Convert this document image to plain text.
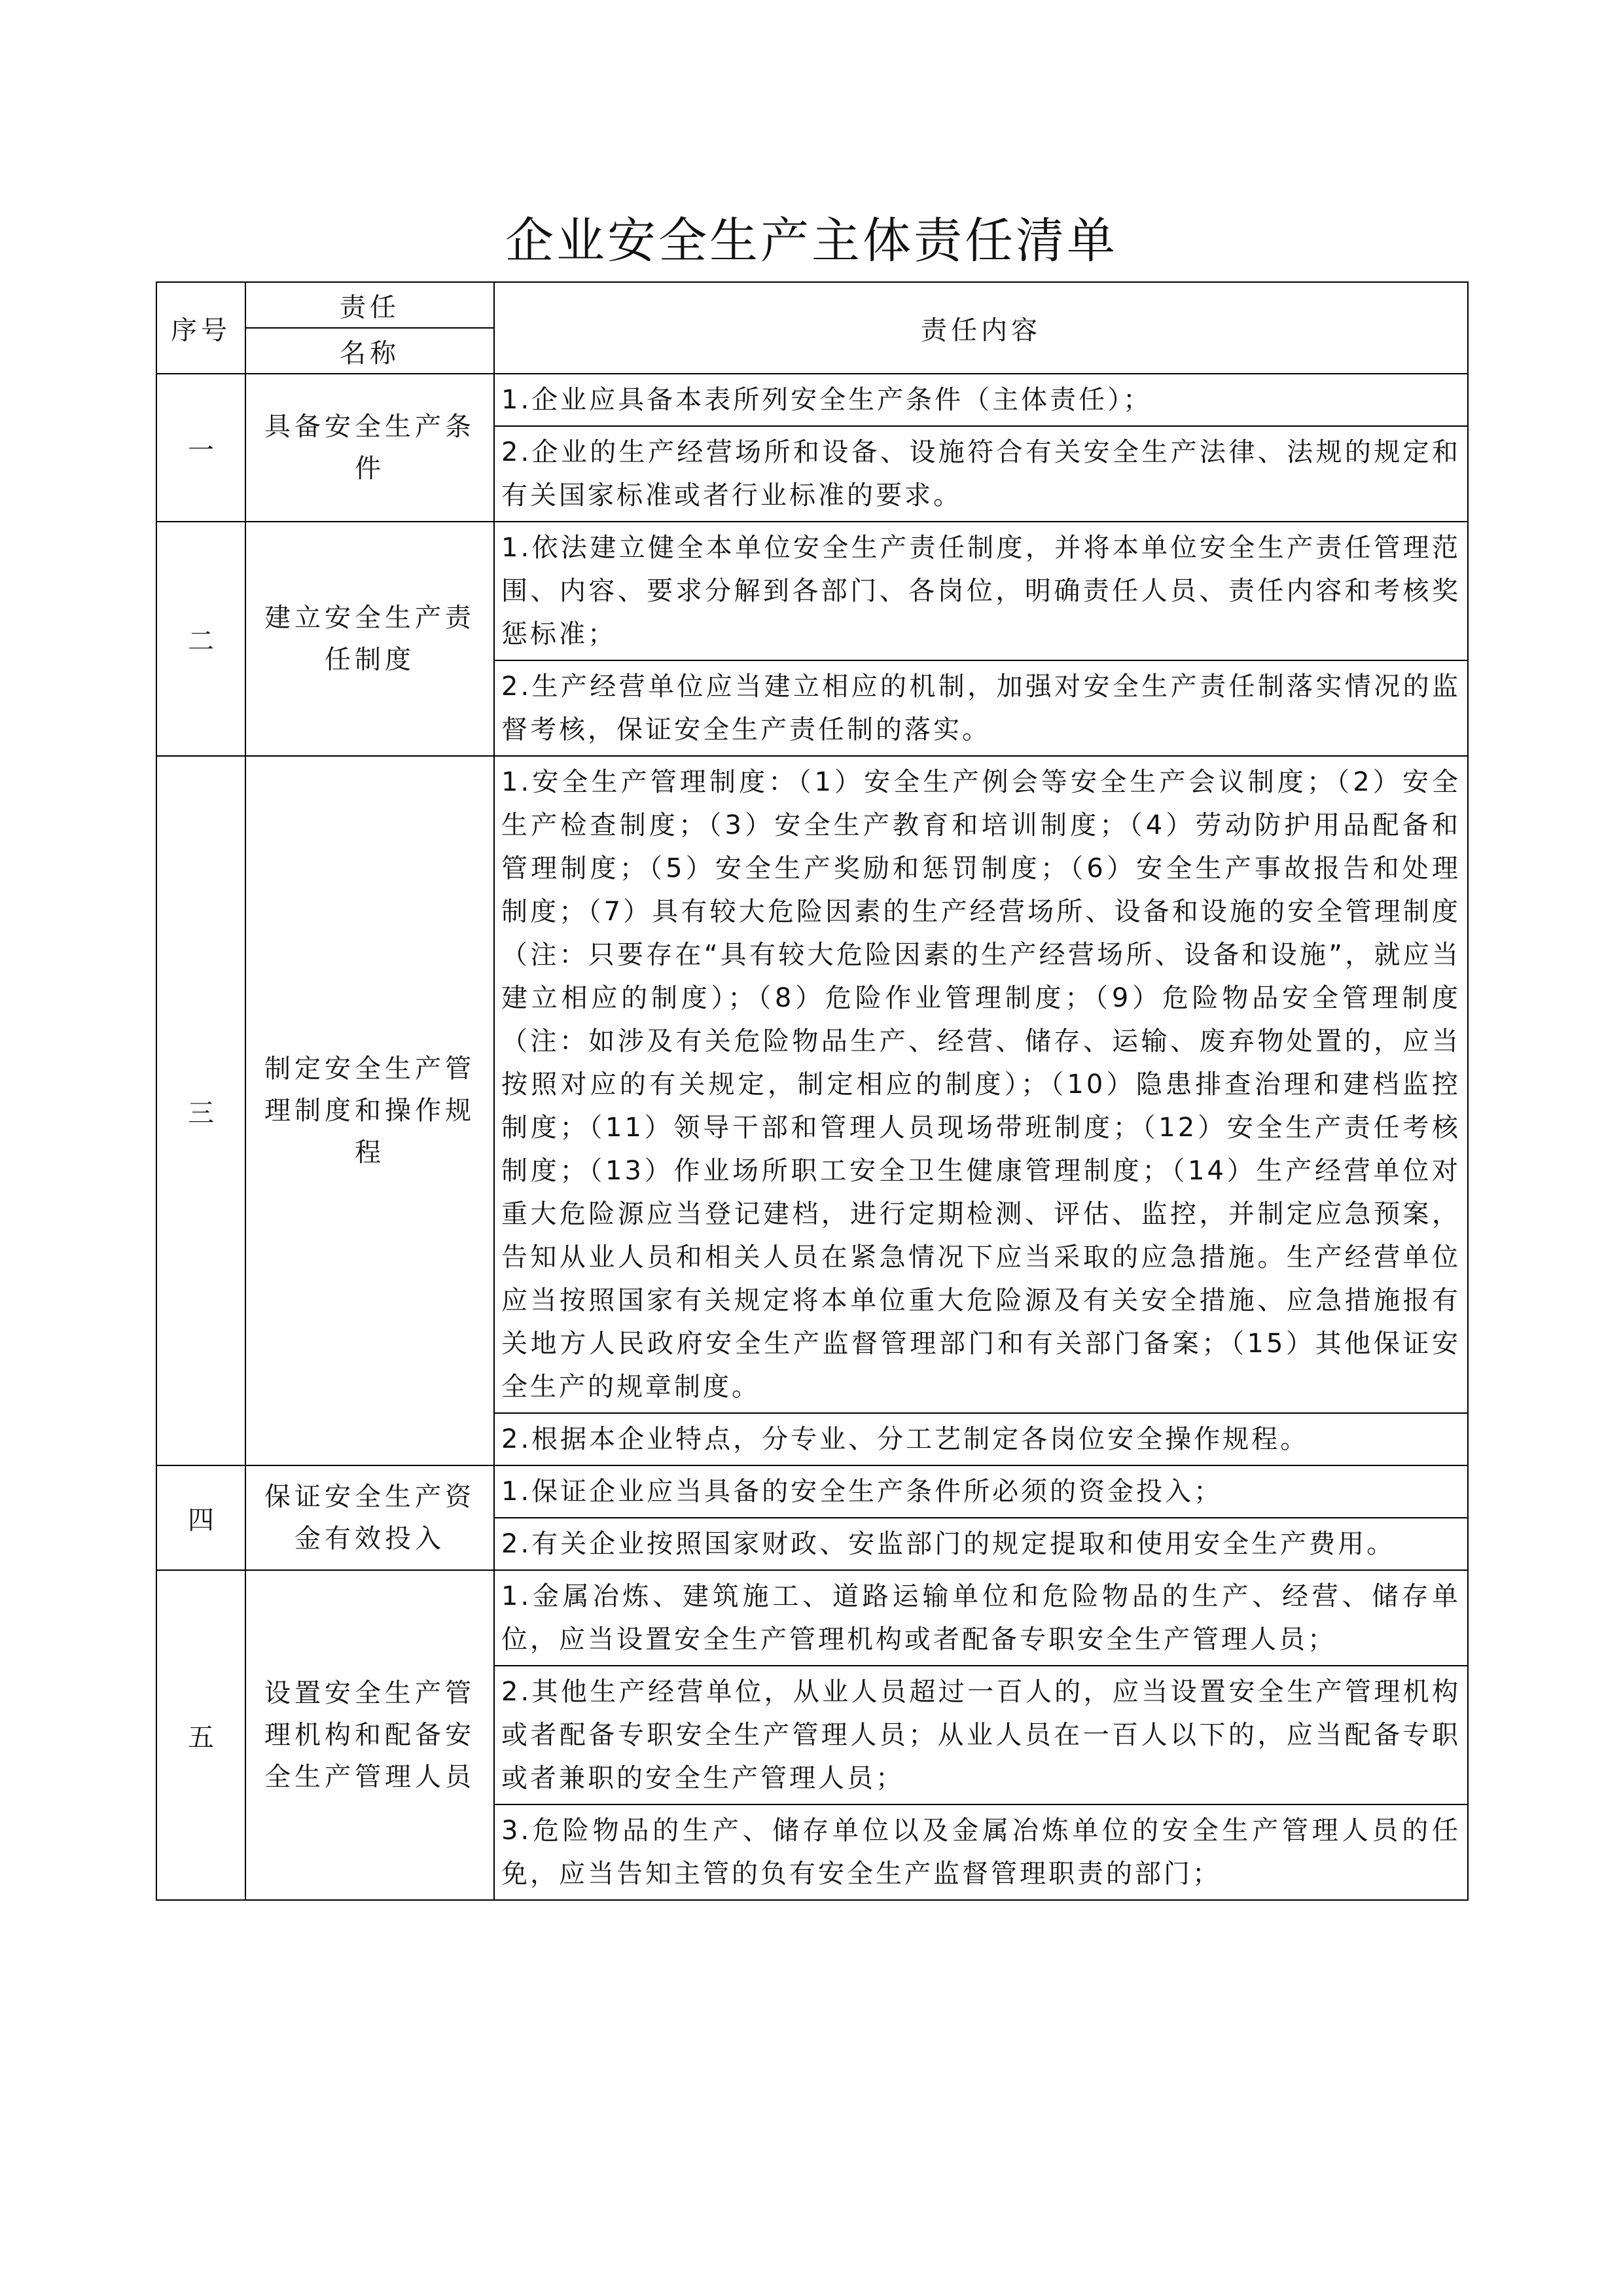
企业安全生产主体责任清单
序号	责任	责任内容
	名称	
一	具备安全生产条件	1.企业应具备本表所列安全生产条件（主体责任）；
		2.企业的生产经营场所和设备、设施符合有关安全生产法律、法规的规定和有关国家标准或者行业标准的要求。
二	建立安全生产责任制度	1.依法建立健全本单位安全生产责任制度，并将本单位安全生产责任管理范围、内容、要求分解到各部门、各岗位，明确责任人员、责任内容和考核奖惩标准；
		2.生产经营单位应当建立相应的机制，加强对安全生产责任制落实情况的监督考核，保证安全生产责任制的落实。
三	制定安全生产管理制度和操作规程	1.安全生产管理制度：（1）安全生产例会等安全生产会议制度；（2）安全生产检查制度；（3）安全生产教育和培训制度；（4）劳动防护用品配备和管理制度；（5）安全生产奖励和惩罚制度；（6）安全生产事故报告和处理制度；（7）具有较大危险因素的生产经营场所、设备和设施的安全管理制度（注：只要存在“具有较大危险因素的生产经营场所、设备和设施”，就应当建立相应的制度）；（8）危险作业管理制度；（9）危险物品安全管理制度（注：如涉及有关危险物品生产、经营、储存、运输、废弃物处置的，应当按照对应的有关规定，制定相应的制度）；（10）隐患排查治理和建档监控制度；（11）领导干部和管理人员现场带班制度；（12）安全生产责任考核制度；（13）作业场所职工安全卫生健康管理制度；（14）生产经营单位对重大危险源应当登记建档，进行定期检测、评估、监控，并制定应急预案，告知从业人员和相关人员在紧急情况下应当采取的应急措施。生产经营单位应当按照国家有关规定将本单位重大危险源及有关安全措施、应急措施报有关地方人民政府安全生产监督管理部门和有关部门备案；（15）其他保证安全生产的规章制度。
		2.根据本企业特点，分专业、分工艺制定各岗位安全操作规程。
四	保证安全生产资金有效投入	1.保证企业应当具备的安全生产条件所必须的资金投入；
		2.有关企业按照国家财政、安监部门的规定提取和使用安全生产费用。
五	设置安全生产管理机构和配备安全生产管理人员	1.金属冶炼、建筑施工、道路运输单位和危险物品的生产、经营、储存单位，应当设置安全生产管理机构或者配备专职安全生产管理人员；
		2.其他生产经营单位，从业人员超过一百人的，应当设置安全生产管理机构或者配备专职安全生产管理人员；从业人员在一百人以下的，应当配备专职或者兼职的安全生产管理人员；
		3.危险物品的生产、储存单位以及金属冶炼单位的安全生产管理人员的任免，应当告知主管的负有安全生产监督管理职责的部门；
